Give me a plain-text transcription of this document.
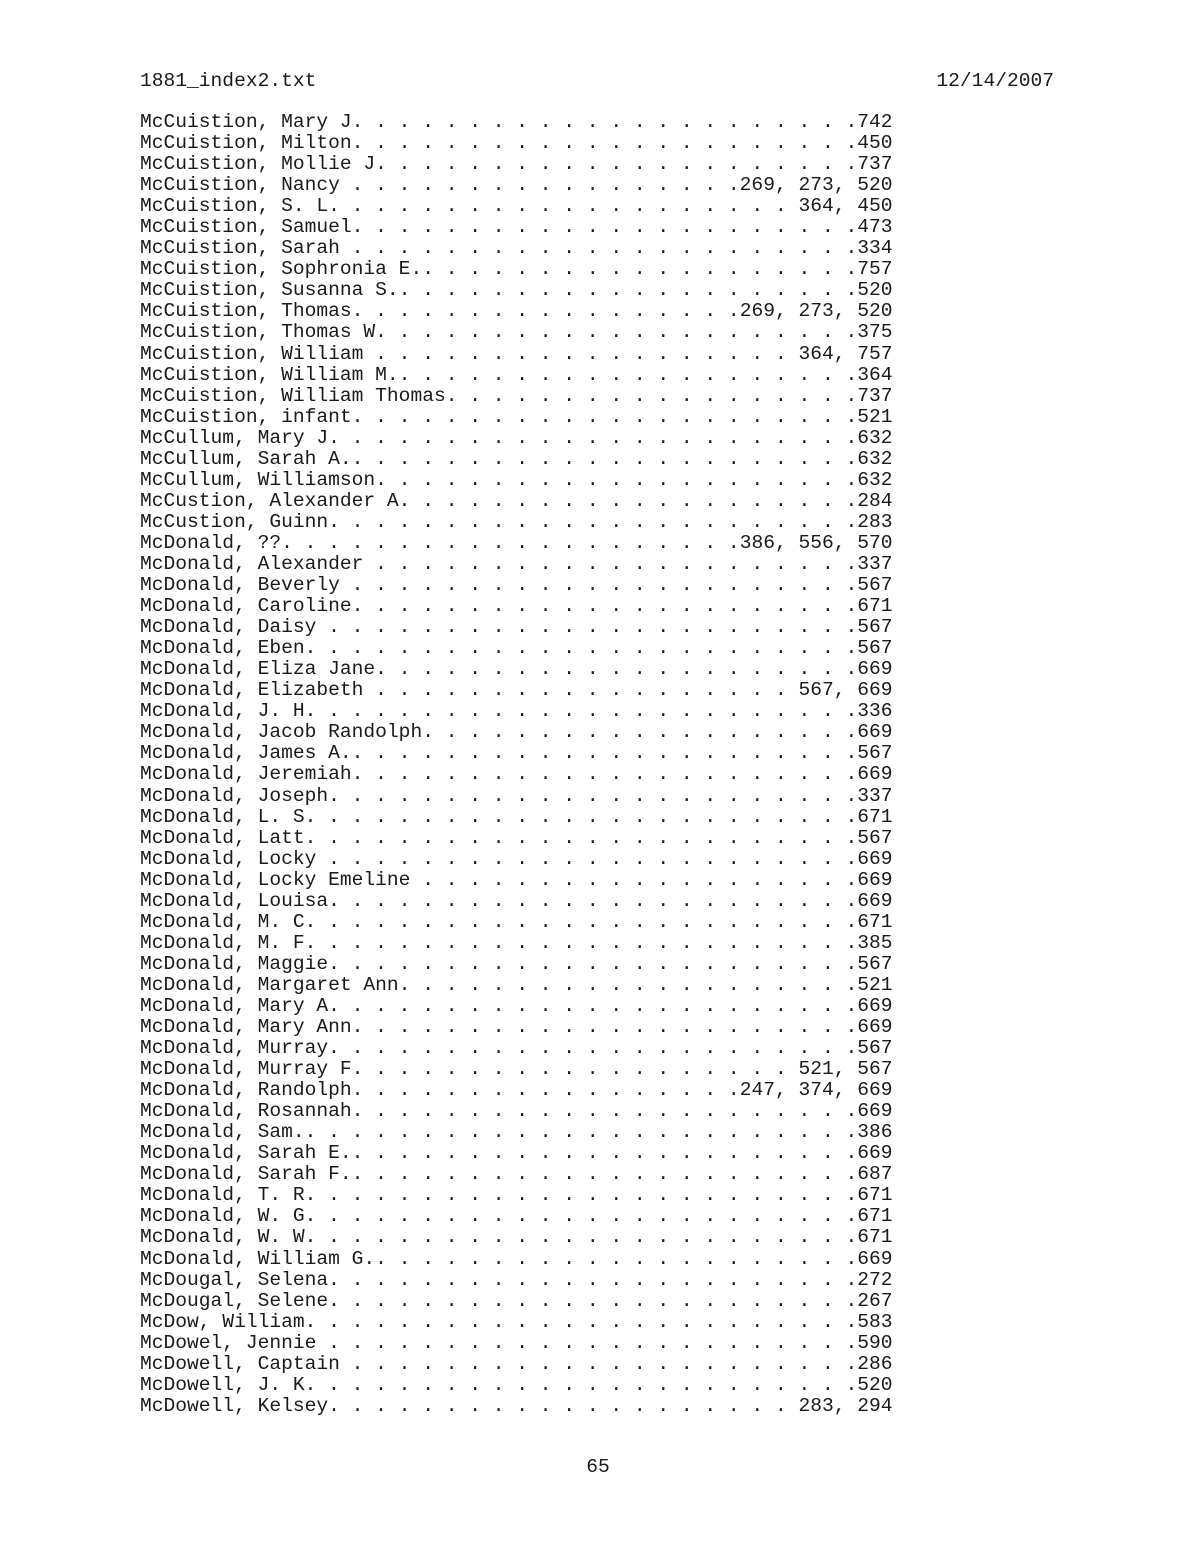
1881_index2.txt	12/14/2007
McCuistion, Mary J. . . . . . . . . . . . . . . . . . . . . .742
McCuistion, Milton. . . . . . . . . . . . . . . . . . . . . .450
McCuistion, Mollie J. . . . . . . . . . . . . . . . . . . . .737
McCuistion, Nancy . . . . . . . . . . . . . . . . .269, 273, 520
McCuistion, S. L. . . . . . . . . . . . . . . . . . . . 364, 450
McCuistion, Samuel. . . . . . . . . . . . . . . . . . . . . .473
McCuistion, Sarah . . . . . . . . . . . . . . . . . . . . . .334
McCuistion, Sophronia E.. . . . . . . . . . . . . . . . . . .757
McCuistion, Susanna S.. . . . . . . . . . . . . . . . . . . .520
McCuistion, Thomas. . . . . . . . . . . . . . . . .269, 273, 520
McCuistion, Thomas W. . . . . . . . . . . . . . . . . . . . .375
McCuistion, William . . . . . . . . . . . . . . . . . . 364, 757
McCuistion, William M.. . . . . . . . . . . . . . . . . . . .364
McCuistion, William Thomas. . . . . . . . . . . . . . . . . .737
McCuistion, infant. . . . . . . . . . . . . . . . . . . . . .521
McCullum, Mary J. . . . . . . . . . . . . . . . . . . . . . .632
McCullum, Sarah A.. . . . . . . . . . . . . . . . . . . . . .632
McCullum, Williamson. . . . . . . . . . . . . . . . . . . . .632
McCustion, Alexander A. . . . . . . . . . . . . . . . . . . .284
McCustion, Guinn. . . . . . . . . . . . . . . . . . . . . . .283
McDonald, ??. . . . . . . . . . . . . . . . . . . .386, 556, 570
McDonald, Alexander . . . . . . . . . . . . . . . . . . . . .337
McDonald, Beverly . . . . . . . . . . . . . . . . . . . . . .567
McDonald, Caroline. . . . . . . . . . . . . . . . . . . . . .671
McDonald, Daisy . . . . . . . . . . . . . . . . . . . . . . .567
McDonald, Eben. . . . . . . . . . . . . . . . . . . . . . . .567
McDonald, Eliza Jane. . . . . . . . . . . . . . . . . . . . .669
McDonald, Elizabeth . . . . . . . . . . . . . . . . . . 567, 669
McDonald, J. H. . . . . . . . . . . . . . . . . . . . . . . .336
McDonald, Jacob Randolph. . . . . . . . . . . . . . . . . . .669
McDonald, James A.. . . . . . . . . . . . . . . . . . . . . .567
McDonald, Jeremiah. . . . . . . . . . . . . . . . . . . . . .669
McDonald, Joseph. . . . . . . . . . . . . . . . . . . . . . .337
McDonald, L. S. . . . . . . . . . . . . . . . . . . . . . . .671
McDonald, Latt. . . . . . . . . . . . . . . . . . . . . . . .567
McDonald, Locky . . . . . . . . . . . . . . . . . . . . . . .669
McDonald, Locky Emeline . . . . . . . . . . . . . . . . . . .669
McDonald, Louisa. . . . . . . . . . . . . . . . . . . . . . .669
McDonald, M. C. . . . . . . . . . . . . . . . . . . . . . . .671
McDonald, M. F. . . . . . . . . . . . . . . . . . . . . . . .385
McDonald, Maggie. . . . . . . . . . . . . . . . . . . . . . .567
McDonald, Margaret Ann. . . . . . . . . . . . . . . . . . . .521
McDonald, Mary A. . . . . . . . . . . . . . . . . . . . . . .669
McDonald, Mary Ann. . . . . . . . . . . . . . . . . . . . . .669
McDonald, Murray. . . . . . . . . . . . . . . . . . . . . . .567
McDonald, Murray F. . . . . . . . . . . . . . . . . . . 521, 567
McDonald, Randolph. . . . . . . . . . . . . . . . .247, 374, 669
McDonald, Rosannah. . . . . . . . . . . . . . . . . . . . . .669
McDonald, Sam.. . . . . . . . . . . . . . . . . . . . . . . .386
McDonald, Sarah E.. . . . . . . . . . . . . . . . . . . . . .669
McDonald, Sarah F.. . . . . . . . . . . . . . . . . . . . . .687
McDonald, T. R. . . . . . . . . . . . . . . . . . . . . . . .671
McDonald, W. G. . . . . . . . . . . . . . . . . . . . . . . .671
McDonald, W. W. . . . . . . . . . . . . . . . . . . . . . . .671
McDonald, William G.. . . . . . . . . . . . . . . . . . . . .669
McDougal, Selena. . . . . . . . . . . . . . . . . . . . . . .272
McDougal, Selene. . . . . . . . . . . . . . . . . . . . . . .267
McDow, William. . . . . . . . . . . . . . . . . . . . . . . .583
McDowel, Jennie . . . . . . . . . . . . . . . . . . . . . . .590
McDowell, Captain . . . . . . . . . . . . . . . . . . . . . .286
McDowell, J. K. . . . . . . . . . . . . . . . . . . . . . . .520
McDowell, Kelsey. . . . . . . . . . . . . . . . . . . . 283, 294
65
